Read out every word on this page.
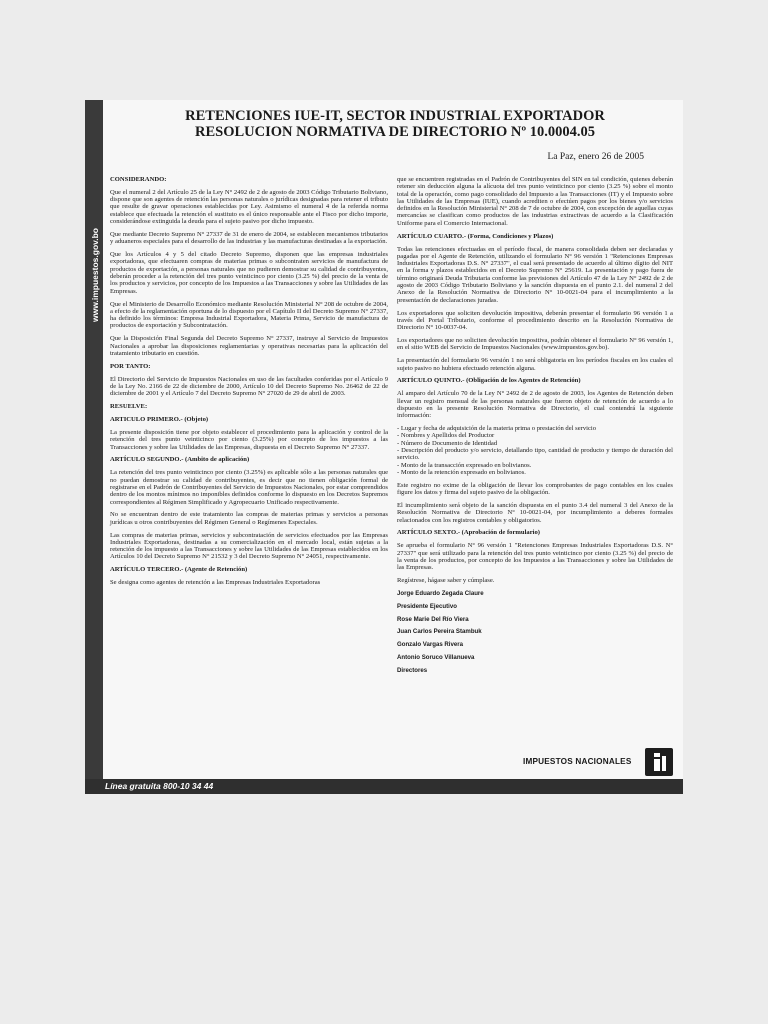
www.impuestos.gov.bo
RETENCIONES IUE-IT, SECTOR INDUSTRIAL EXPORTADOR
RESOLUCION NORMATIVA DE DIRECTORIO Nº 10.0004.05
La Paz, enero 26 de 2005

CONSIDERANDO:

Que el numeral 2 del Artículo 25 de la Ley N° 2492 de 2 de agosto de 2003 Código Tributario Boliviano, dispone que son agentes de retención las personas naturales o jurídicas designadas para retener el tributo que resulte de gravar operaciones establecidas por Ley. Asimismo el numeral 4 de la referida norma establece que efectuada la retención el sustituto es el único responsable ante el Fisco por dicho importe, considerándose extinguida la deuda para el sujeto pasivo por dicho impuesto.

Que mediante Decreto Supremo N° 27337 de 31 de enero de 2004, se establecen mecanismos tributarios y aduaneros especiales para el desarrollo de las industrias y las manufacturas destinadas a la exportación.

Que los Artículos 4 y 5 del citado Decreto Supremo, disponen que las empresas industriales exportadoras, que efectuaren compras de materias primas o subcontraten servicios de manufactura de productos de exportación, a personas naturales que no pudieren demostrar su calidad de contribuyentes, deberán proceder a la retención del tres punto veinticinco por ciento (3.25 %) del precio de la venta de los productos y servicios, por concepto de los Impuestos a las Transacciones y sobre las Utilidades de las Empresas.

Que el Ministerio de Desarrollo Económico mediante Resolución Ministerial N° 208 de octubre de 2004, a efecto de la reglamentación oportuna de lo dispuesto por el Capítulo II del Decreto Supremo N° 27337, ha definido los términos: Empresa Industrial Exportadora, Materia Prima, Servicio de manufactura de productos de exportación y Subcontratación.

Que la Disposición Final Segunda del Decreto Supremo N° 27337, instruye al Servicio de Impuestos Nacionales a aprobar las disposiciones reglamentarias y operativas necesarias para la aplicación del tratamiento tributario en cuestión.

POR TANTO:

El Directorio del Servicio de Impuestos Nacionales en uso de las facultades conferidas por el Artículo 9 de la Ley No. 2166 de 22 de diciembre de 2000, Artículo 10 del Decreto Supremo No. 26462 de 22 de diciembre de 2001 y el Artículo 7 del Decreto Supremo N° 27020 de 29 de abril de 2003.

RESUELVE:

ARTICULO PRIMERO.- (Objeto)

La presente disposición tiene por objeto establecer el procedimiento para la aplicación y control de la retención del tres punto veinticinco por ciento (3.25%) por concepto de los impuestos a las Transacciones y sobre las Utilidades de las Empresas, dispuesta en el Decreto Supremo N° 27337.

ARTÍCULO SEGUNDO.- (Ambito de aplicación)

La retención del tres punto veinticinco por ciento (3.25%) es aplicable sólo a las personas naturales que no puedan demostrar su calidad de contribuyentes, es decir que no tienen obligación formal de registrarse en el Padrón de Contribuyentes del Servicio de Impuestos Nacionales, por estar comprendidos dentro de los montos mínimos no imponibles definidos conforme lo dispuesto en los Decretos Supremos correspondientes al Régimen Simplificado y Agropecuario Unificado respectivamente.

No se encuentran dentro de este tratamiento las compras de materias primas y servicios a personas jurídicas u otros contribuyentes del Régimen General o Regímenes Especiales.

Las compras de materias primas, servicios y subcontratación de servicios efectuados por las Empresas Industriales Exportadoras, destinadas a su comercialización en el mercado local, están sujetas a la retención de los impuesto a las Transacciones y sobre las Utilidades de las Empresas establecidos en los Artículos 10 del Decreto Supremo N° 21532 y 3 del Decreto Supremo N° 24051, respectivamente.

ARTÍCULO TERCERO.- (Agente de Retención)

Se designa como agentes de retención a las Empresas Industriales Exportadoras

que se encuentren registradas en el Padrón de Contribuyentes del SIN en tal condición, quienes deberán retener sin deducción alguna la alícuota del tres punto veinticinco por ciento (3.25 %) sobre el monto total de la operación, como pago consolidado del Impuesto a las Transacciones (IT) y el Impuesto sobre las Utilidades de las Empresas (IUE), cuando acrediten o efectúen pagos por los bienes y/o servicios definidos en la Resolución Ministerial N° 208 de 7 de octubre de 2004, con excepción de aquellas cuyas mercancías se clasifican como productos de las industrias extractivas de acuerdo a la Clasificación Uniforme para el Comercio Internacional.

ARTÍCULO CUARTO.- (Forma, Condiciones y Plazos)

Todas las retenciones efectuadas en el período fiscal, de manera consolidada deben ser declaradas y pagadas por el Agente de Retención, utilizando el formulario N° 96 versión 1 "Retenciones Empresas Industriales Exportadoras D.S. N° 27337", el cual será presentado de acuerdo al último dígito del NIT en la forma y plazos establecidos en el Decreto Supremo N° 25619. La presentación y pago fuera de término originará Deuda Tributaria conforme las previsiones del Artículo 47 de la Ley N° 2492 de 2 de agosto de 2003 Código Tributario Boliviano y la sanción dispuesta en el punto 2.1. del numeral 2 del Anexo de la Resolución Normativa de Directorio N° 10-0021-04 para el incumplimiento a la presentación de declaraciones juradas.

Los exportadores que soliciten devolución impositiva, deberán presentar el formulario 96 versión 1 a través del Portal Tributario, conforme el procedimiento descrito en la Resolución Normativa de Directorio N° 10-0037-04.

Los exportadores que no soliciten devolución impositiva, podrán obtener el formulario N° 96 versión 1, en el sitio WEB del Servicio de Impuestos Nacionales (www.impuestos.gov.bo).

La presentación del formulario 96 versión 1 no será obligatoria en los períodos fiscales en los cuales el sujeto pasivo no hubiera efectuado retención alguna.

ARTÍCULO QUINTO.- (Obligación de los Agentes de Retención)

Al amparo del Artículo 70 de la Ley N° 2492 de 2 de agosto de 2003, los Agentes de Retención deben llevar un registro mensual de las personas naturales que fueron objeto de retención de acuerdo a lo dispuesto en la presente Resolución Normativa de Directorio, el cual contendrá la siguiente información:

- Lugar y fecha de adquisición de la materia prima o prestación del servicio
- Nombres y Apellidos del Productor
- Número de Documento de Identidad
- Descripción del producto y/o servicio, detallando tipo, cantidad de producto y tiempo de duración del servicio.
- Monto de la transacción expresado en bolivianos.
- Monto de la retención expresado en bolivianos.

Este registro no exime de la obligación de llevar los comprobantes de pago contables en los cuales figure los datos y firma del sujeto pasivo de la obligación.

El incumplimiento será objeto de la sanción dispuesta en el punto 3.4 del numeral 3 del Anexo de la Resolución Normativa de Directorio N° 10-0021-04, por incumplimiento a deberes formales relacionados con los registros contables y obligatorios.

ARTÍCULO SEXTO.- (Aprobación de formulario)

Se aprueba el formulario N° 96 versión 1 "Retenciones Empresas Industriales Exportadoras D.S. N° 27337" que será utilizado para la retención del tres punto veinticinco por ciento (3.25 %) del precio de la venta de los productos, por concepto de los Impuestos a las Transacciones y sobre las Utilidades de las Empresas.

Regístrese, hágase saber y cúmplase.

Jorge Eduardo Zegada Claure

Presidente Ejecutivo

Rose Marie Del Río Viera

Juan Carlos Pereira Stambuk

Gonzalo Vargas Rivera

Antonio Soruco Villanueva

Directores

IMPUESTOS NACIONALES
Línea gratuita 800-10 34 44
